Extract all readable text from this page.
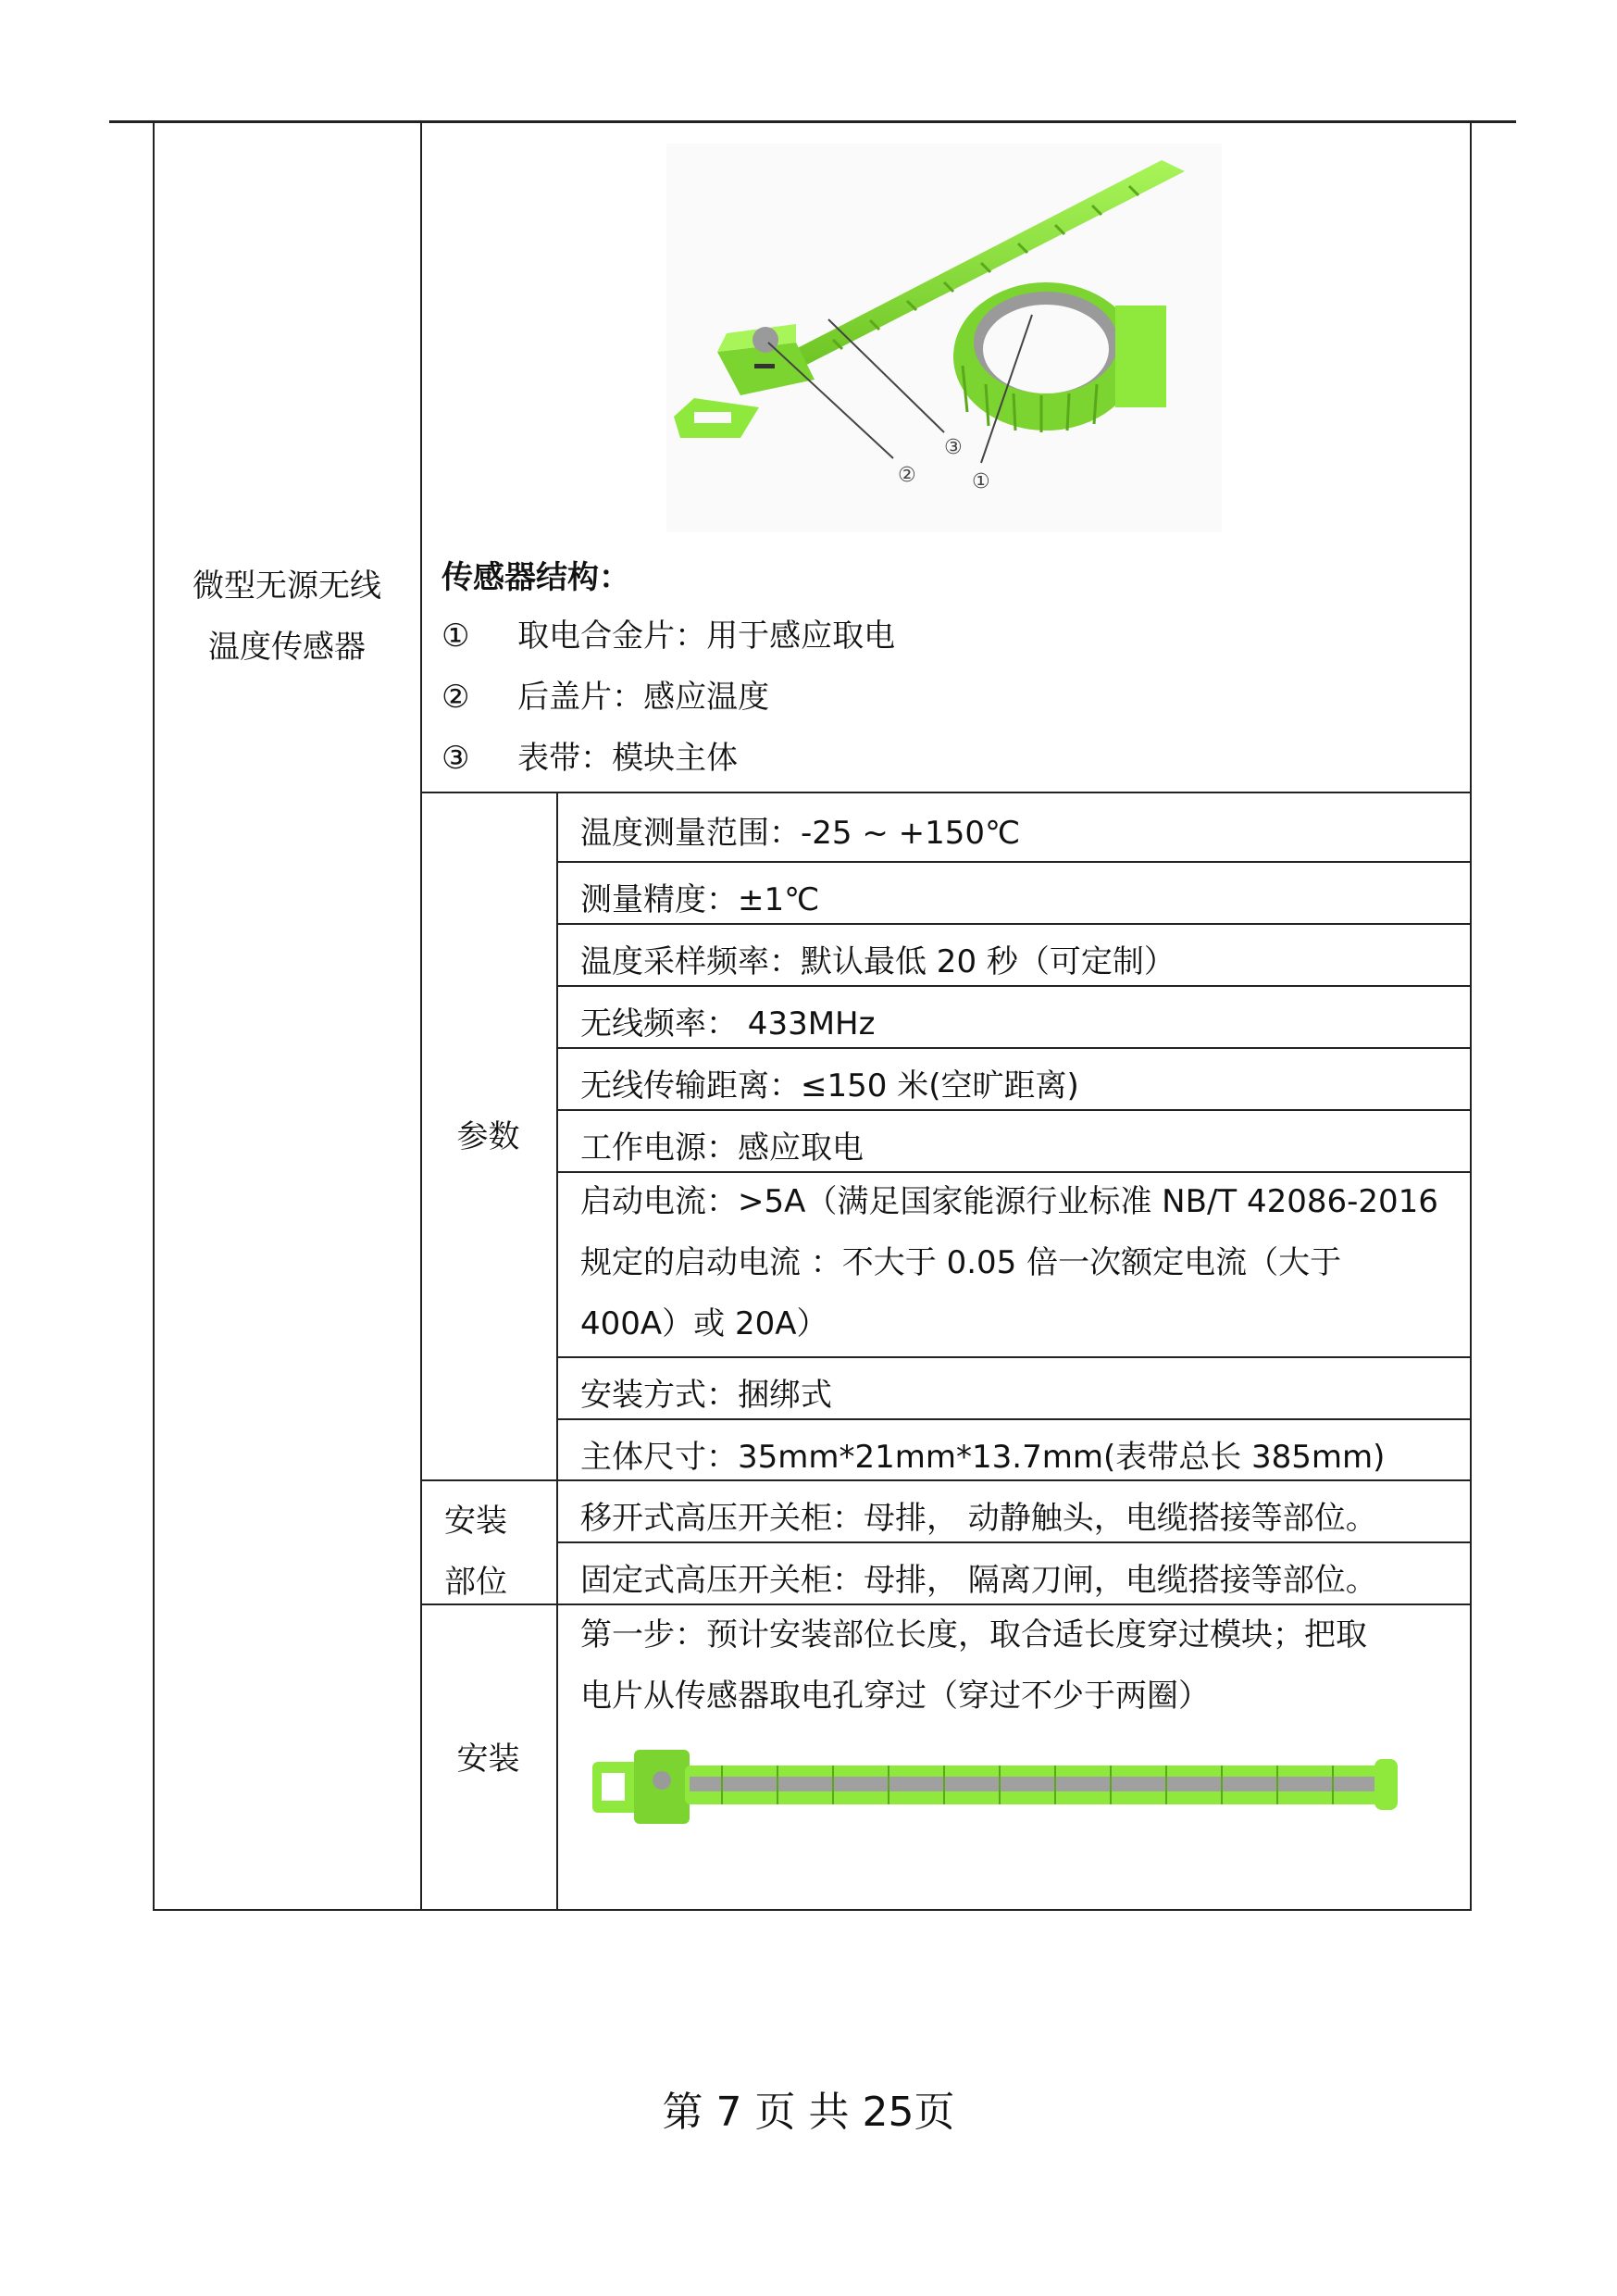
微型无源无线
温度传感器
③
②	①
传感器结构：
① 取电合金片：用于感应取电
② 后盖片：感应温度
③ 表带：模块主体
参数
温度测量范围：-25 ~ +150℃
测量精度：±1℃
温度采样频率：默认最低 20 秒（可定制）
无线频率： 433MHz
无线传输距离：≤150 米(空旷距离)
工作电源：感应取电
启动电流：>5A（满足国家能源行业标准 NB/T 42086-2016
规定的启动电流 ：不大于 0.05 倍一次额定电流（大于
400A）或 20A）
安装方式：捆绑式
主体尺寸：35mm*21mm*13.7mm(表带总长 385mm)
安装
部位
移开式高压开关柜：母排， 动静触头，电缆搭接等部位。
固定式高压开关柜：母排， 隔离刀闸，电缆搭接等部位。
安装
第一步：预计安装部位长度，取合适长度穿过模块；把取
电片从传感器取电孔穿过（穿过不少于两圈）
第 7 页 共 25页
